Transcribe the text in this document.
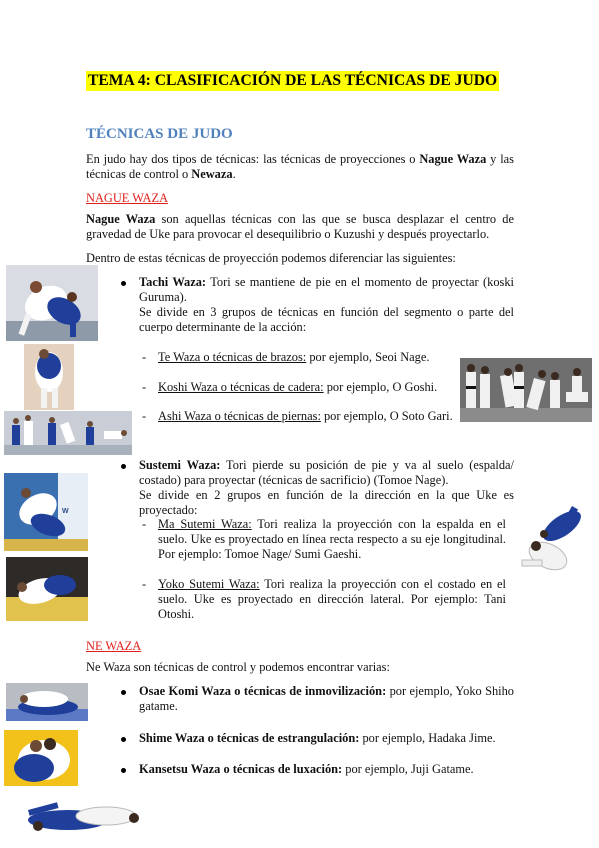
TEMA 4: CLASIFICACIÓN DE LAS TÉCNICAS DE JUDO
TÉCNICAS DE JUDO

En judo hay dos tipos de técnicas: las técnicas de proyecciones o Nague Waza y las técnicas de control o Newaza.

NAGUE WAZA

Nague Waza son aquellas técnicas con las que se busca desplazar el centro de gravedad de Uke para provocar el desequilibrio o Kuzushi y después proyectarlo.

Dentro de estas técnicas de proyección podemos diferenciar las siguientes:

Tachi Waza: Tori se mantiene de pie en el momento de proyectar (koski Guruma).
Se divide en 3 grupos de técnicas en función del segmento o parte del cuerpo determinante de la acción:

- Te Waza o técnicas de brazos: por ejemplo, Seoi Nage.

- Koshi Waza o técnicas de cadera: por ejemplo, O Goshi.

- Ashi Waza o técnicas de piernas: por ejemplo, O Soto Gari.

Sustemi Waza: Tori pierde su posición de pie y va al suelo (espalda/ costado) para proyectar (técnicas de sacrificio) (Tomoe Nage).
Se divide en 2 grupos en función de la dirección en la que Uke es proyectado:

- Ma Sutemi Waza: Tori realiza la proyección con la espalda en el suelo. Uke es proyectado en línea recta respecto a su eje longitudinal. Por ejemplo: Tomoe Nage/ Sumi Gaeshi.

- Yoko Sutemi Waza: Tori realiza la proyección con el costado en el suelo. Uke es proyectado en dirección lateral. Por ejemplo: Tani Otoshi.

NE WAZA

Ne Waza son técnicas de control y podemos encontrar varias:

Osae Komi Waza o técnicas de inmovilización: por ejemplo, Yoko Shiho gatame.

Shime Waza o técnicas de estrangulación: por ejemplo, Hadaka Jime.

Kansetsu Waza o técnicas de luxación: por ejemplo, Juji Gatame.

W
